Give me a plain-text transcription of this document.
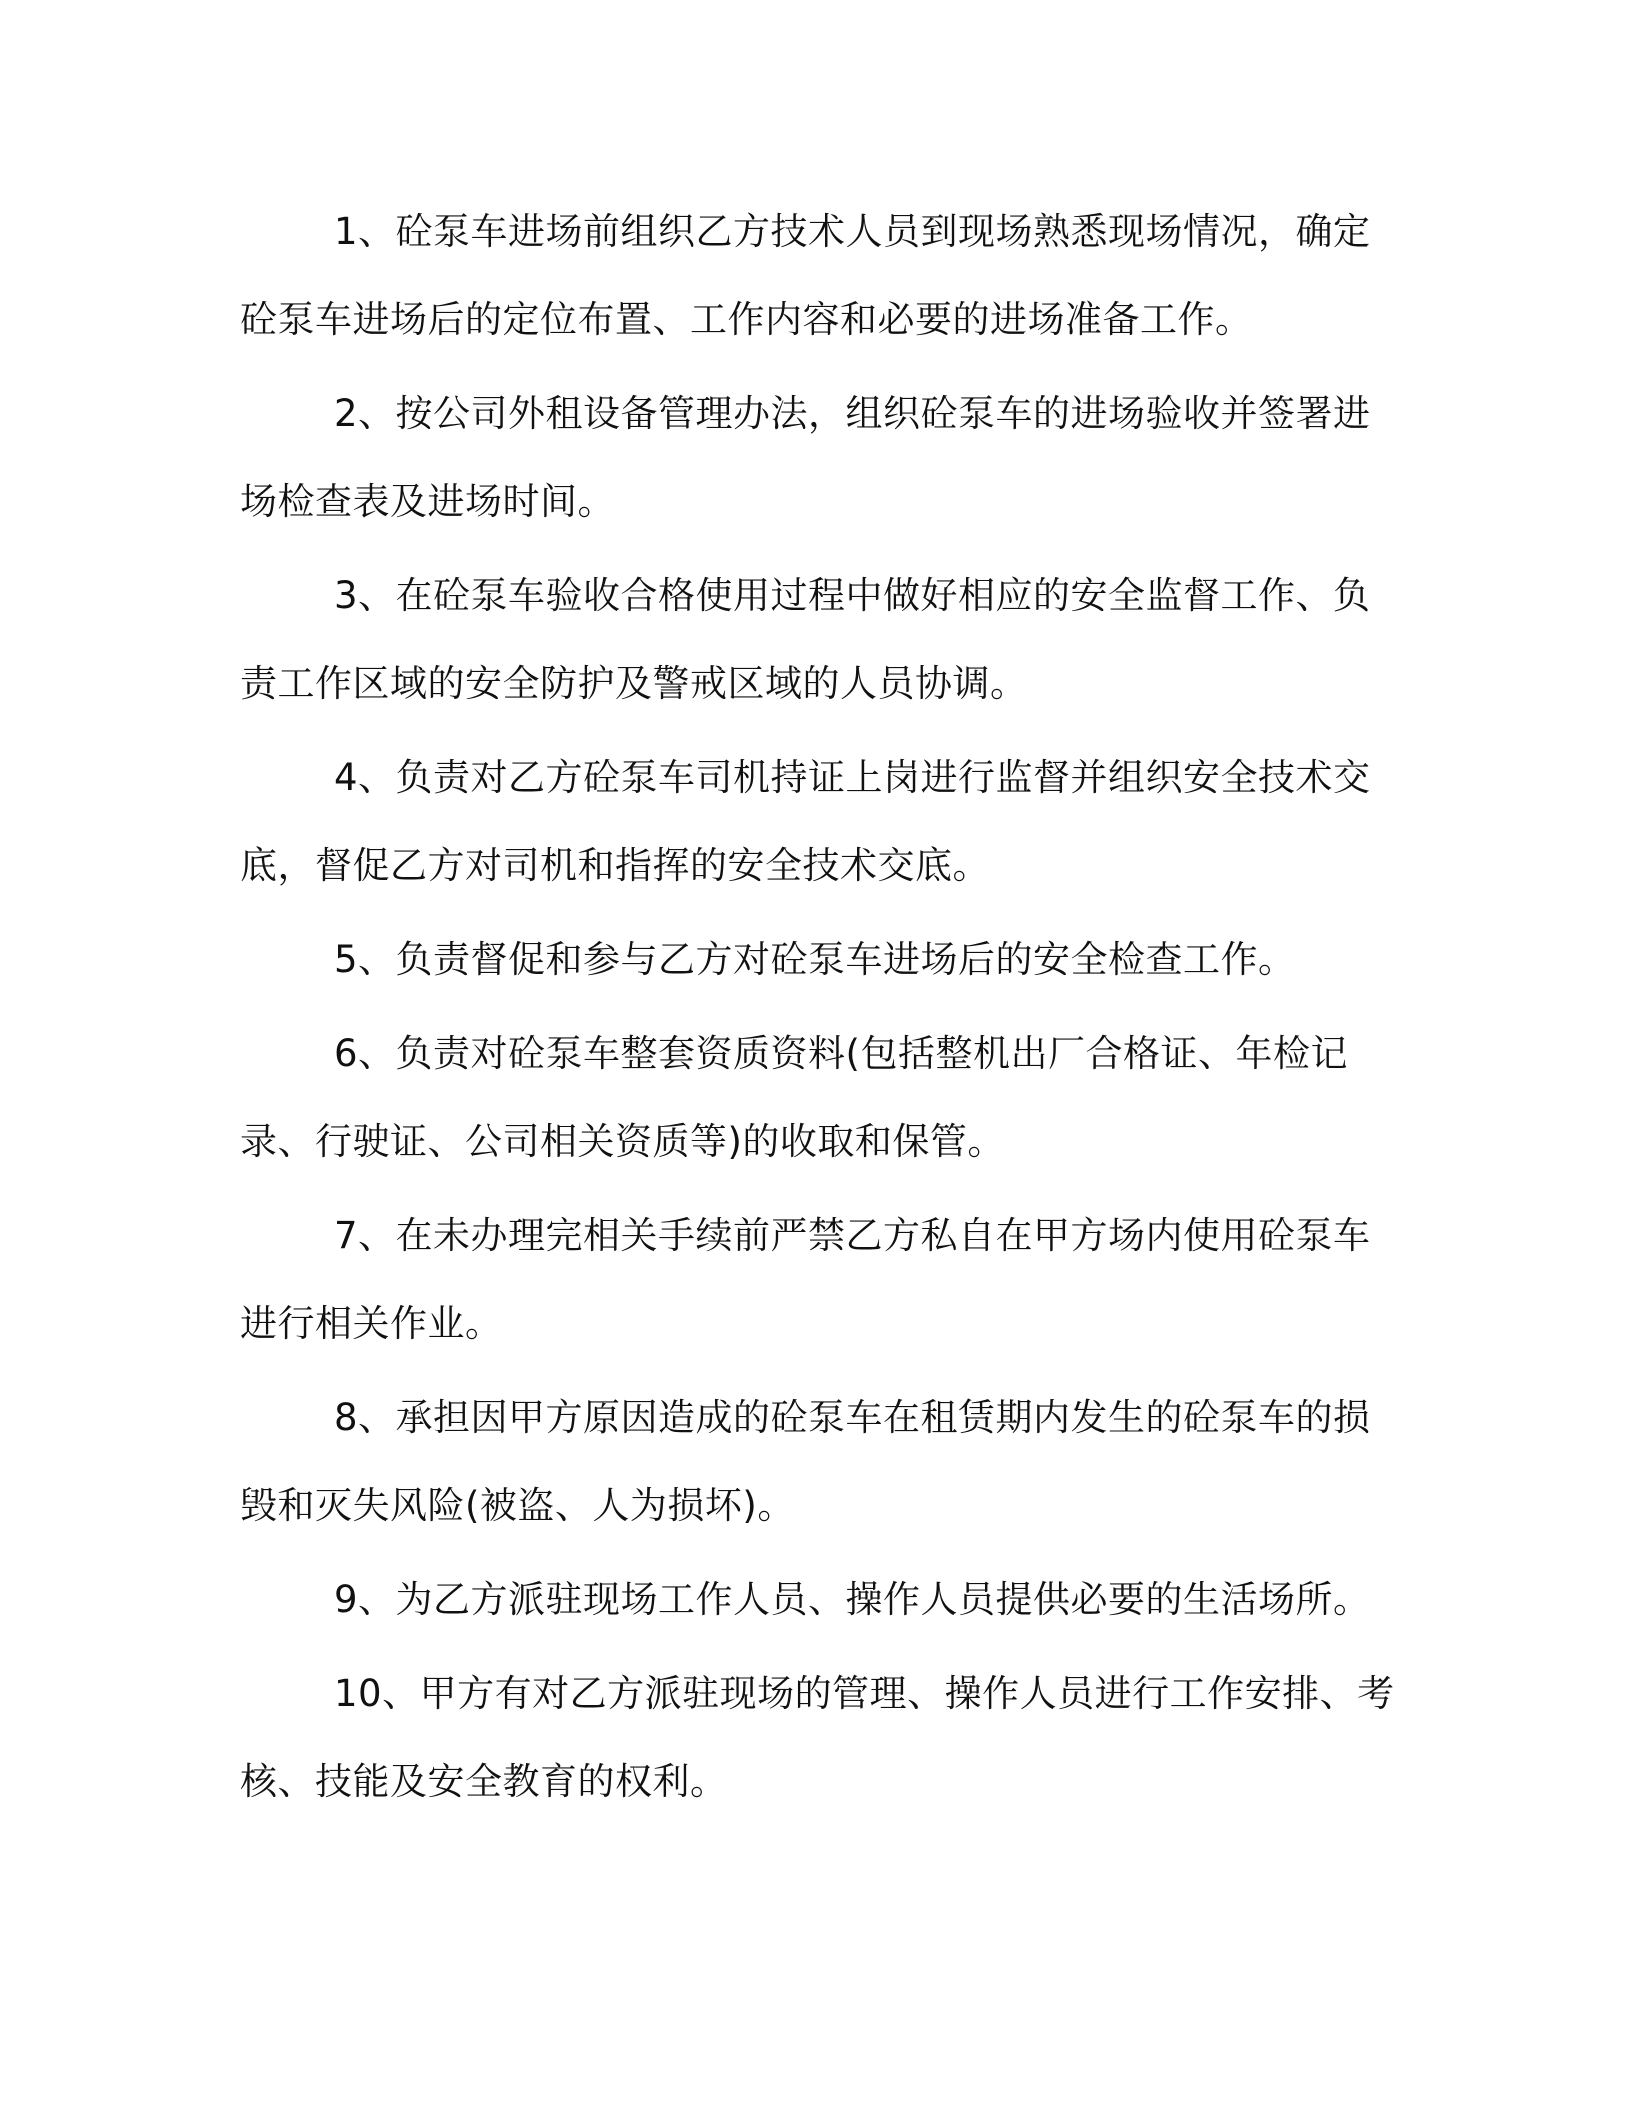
1、砼泵车进场前组织乙方技术人员到现场熟悉现场情况，确定砼泵车进场后的定位布置、工作内容和必要的进场准备工作。

2、按公司外租设备管理办法，组织砼泵车的进场验收并签署进场检查表及进场时间。

3、在砼泵车验收合格使用过程中做好相应的安全监督工作、负责工作区域的安全防护及警戒区域的人员协调。

4、负责对乙方砼泵车司机持证上岗进行监督并组织安全技术交底，督促乙方对司机和指挥的安全技术交底。

5、负责督促和参与乙方对砼泵车进场后的安全检查工作。

6、负责对砼泵车整套资质资料(包括整机出厂合格证、年检记录、行驶证、公司相关资质等)的收取和保管。

7、在未办理完相关手续前严禁乙方私自在甲方场内使用砼泵车进行相关作业。

8、承担因甲方原因造成的砼泵车在租赁期内发生的砼泵车的损毁和灭失风险(被盗、人为损坏)。

9、为乙方派驻现场工作人员、操作人员提供必要的生活场所。

10、甲方有对乙方派驻现场的管理、操作人员进行工作安排、考核、技能及安全教育的权利。
